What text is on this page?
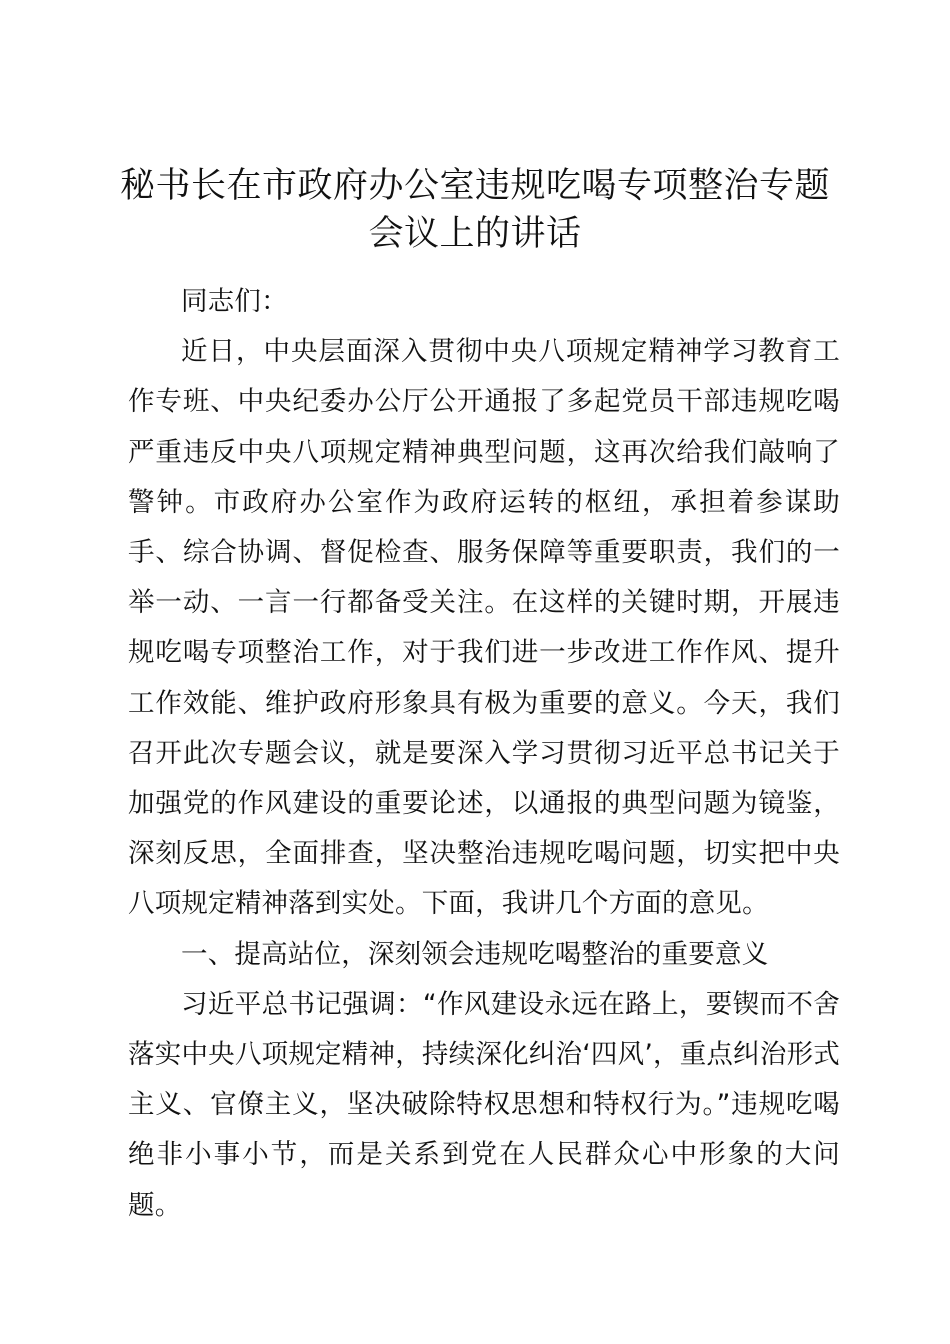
秘书长在市政府办公室违规吃喝专项整治专题会议上的讲话

同志们：

近日，中央层面深入贯彻中央八项规定精神学习教育工作专班、中央纪委办公厅公开通报了多起党员干部违规吃喝严重违反中央八项规定精神典型问题，这再次给我们敲响了警钟。市政府办公室作为政府运转的枢纽，承担着参谋助手、综合协调、督促检查、服务保障等重要职责，我们的一举一动、一言一行都备受关注。在这样的关键时期，开展违规吃喝专项整治工作，对于我们进一步改进工作作风、提升工作效能、维护政府形象具有极为重要的意义。今天，我们召开此次专题会议，就是要深入学习贯彻习近平总书记关于加强党的作风建设的重要论述，以通报的典型问题为镜鉴，深刻反思，全面排查，坚决整治违规吃喝问题，切实把中央八项规定精神落到实处。下面，我讲几个方面的意见。

一、提高站位，深刻领会违规吃喝整治的重要意义

习近平总书记强调：“作风建设永远在路上，要锲而不舍落实中央八项规定精神，持续深化纠治‘四风’，重点纠治形式主义、官僚主义，坚决破除特权思想和特权行为。”违规吃喝绝非小事小节，而是关系到党在人民群众心中形象的大问题。
